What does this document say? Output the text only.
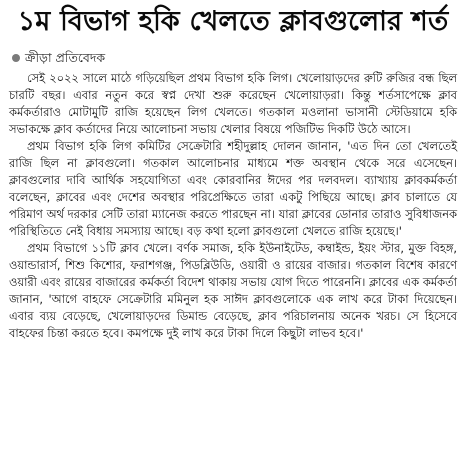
১ম বিভাগ হকি খেলতে ক্লাবগুলোর শর্ত
ক্রীড়া প্রতিবেদক

সেই ২০২২ সালে মাঠে গড়িয়েছিল প্রথম বিভাগ হকি লিগ। খেলোয়াড়দের রুটি রুজির বন্ধ ছিল চারটি বছর। এবার নতুন করে স্বপ্ন দেখা শুরু করেছেন খেলোয়াড়রা। কিন্তু শর্তসাপেক্ষে ক্লাব কর্মকর্তারাও মোটামুটি রাজি হয়েছেন লিগ খেলতে। গতকাল মওলানা ভাসানী স্টেডিয়ামে হকি সভাকক্ষে ক্লাব কর্তাদের নিয়ে আলোচনা সভায় খেলার বিষয়ে পজিটিভ দিকটি উঠে আসে।

প্রথম বিভাগ হকি লিগ কমিটির সেক্রেটারি শহীদুল্লাহ দোলন জানান, 'এত দিন তো খেলতেই রাজি ছিল না ক্লাবগুলো। গতকাল আলোচনার মাধ্যমে শক্ত অবস্থান থেকে সরে এসেছেন। ক্লাবগুলোর দাবি আর্থিক সহযোগিতা এবং কোরবানির ঈদের পর দলবদল। ব্যাখ্যায় ক্লাবকর্মকর্তা বলেছেন, ক্লাবের এবং দেশের অবস্থার পরিপ্রেক্ষিতে তারা একটু পিছিয়ে আছে। ক্লাব চালাতে যে পরিমাণ অর্থ দরকার সেটি তারা ম্যানেজ করতে পারছেন না। যারা ক্লাবের ডোনার তারাও সুবিধাজনক পরিস্থিতিতে নেই বিধায় সমস্যায় আছে। বড় কথা হলো ক্লাবগুলো খেলতে রাজি হয়েছে।'

প্রথম বিভাগে ১১টি ক্লাব খেলে। বর্ণক সমাজ, হকি ইউনাইটেড, কম্বাইন্ড, ইয়ং স্টার, মুক্ত বিহঙ্গ, ওয়ান্ডারার্স, শিশু কিশোর, ফরাশগঞ্জ, পিডব্লিউডি, ওয়ারী ও রায়ের বাজার। গতকাল বিশেষ কারণে ওয়ারী এবং রায়ের বাজারের কর্মকর্তা বিদেশ থাকায় সভায় যোগ দিতে পারেননি। ক্লাবের এক কর্মকর্তা জানান, 'আগে বাহফে সেক্রেটারি মমিনুল হক সাঈদ ক্লাবগুলোকে এক লাখ করে টাকা দিয়েছেন। এবার ব্যয় বেড়েছে, খেলোয়াড়দের ডিমান্ড বেড়েছে, ক্লাব পরিচালনায় অনেক খরচ। সে হিসেবে বাহফের চিন্তা করতে হবে। কমপক্ষে দুই লাখ করে টাকা দিলে কিছুটা লাভব হবে।'
